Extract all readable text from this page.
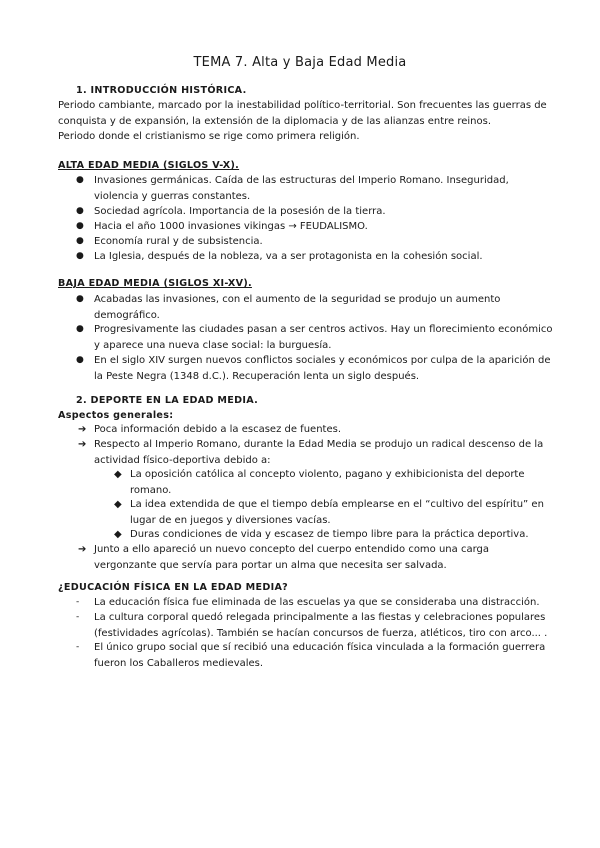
TEMA 7. Alta y Baja Edad Media
1. INTRODUCCIÓN HISTÓRICA.
Periodo cambiante, marcado por la inestabilidad político-territorial. Son frecuentes las guerras de
conquista y de expansión, la extensión de la diplomacia y de las alianzas entre reinos.
Periodo donde el cristianismo se rige como primera religión.
ALTA EDAD MEDIA (SIGLOS V-X).
● Invasiones germánicas. Caída de las estructuras del Imperio Romano. Inseguridad,
violencia y guerras constantes.
● Sociedad agrícola. Importancia de la posesión de la tierra.
● Hacia el año 1000 invasiones vikingas → FEUDALISMO.
● Economía rural y de subsistencia.
● La Iglesia, después de la nobleza, va a ser protagonista en la cohesión social.
BAJA EDAD MEDIA (SIGLOS XI-XV).
● Acabadas las invasiones, con el aumento de la seguridad se produjo un aumento
demográfico.
● Progresivamente las ciudades pasan a ser centros activos. Hay un florecimiento económico
y aparece una nueva clase social: la burguesía.
● En el siglo XIV surgen nuevos conflictos sociales y económicos por culpa de la aparición de
la Peste Negra (1348 d.C.). Recuperación lenta un siglo después.
2. DEPORTE EN LA EDAD MEDIA.
Aspectos generales:
➔ Poca información debido a la escasez de fuentes.
➔ Respecto al Imperio Romano, durante la Edad Media se produjo un radical descenso de la
actividad físico-deportiva debido a:
◆ La oposición católica al concepto violento, pagano y exhibicionista del deporte
romano.
◆ La idea extendida de que el tiempo debía emplearse en el “cultivo del espíritu” en
lugar de en juegos y diversiones vacías.
◆ Duras condiciones de vida y escasez de tiempo libre para la práctica deportiva.
➔ Junto a ello apareció un nuevo concepto del cuerpo entendido como una carga
vergonzante que servía para portar un alma que necesita ser salvada.
¿EDUCACIÓN FÍSICA EN LA EDAD MEDIA?
- La educación física fue eliminada de las escuelas ya que se consideraba una distracción.
- La cultura corporal quedó relegada principalmente a las fiestas y celebraciones populares
(festividades agrícolas). También se hacían concursos de fuerza, atléticos, tiro con arco... .
- El único grupo social que sí recibió una educación física vinculada a la formación guerrera
fueron los Caballeros medievales.
